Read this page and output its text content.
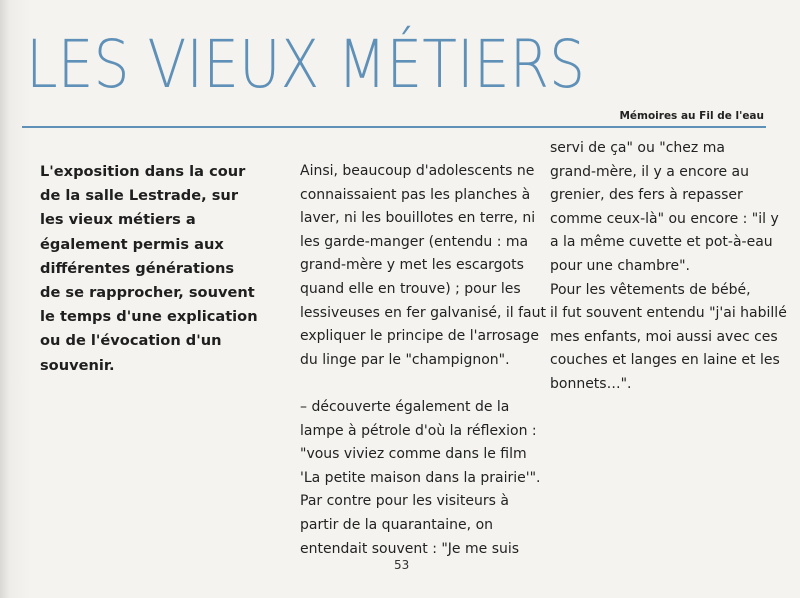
LES VIEUX MÉTIERS
Mémoires au Fil de l'eau
L'exposition dans la cour
de la salle Lestrade, sur
les vieux métiers a
également permis aux
différentes générations
de se rapprocher, souvent
le temps d'une explication
ou de l'évocation d'un
souvenir.
Ainsi, beaucoup d'adolescents ne
connaissaient pas les planches à
laver, ni les bouillotes en terre, ni
les garde-manger (entendu : ma
grand-mère y met les escargots
quand elle en trouve) ; pour les
lessiveuses en fer galvanisé, il faut
expliquer le principe de l'arrosage
du linge par le "champignon".
– découverte également de la
lampe à pétrole d'où la réflexion :
"vous viviez comme dans le film
'La petite maison dans la prairie'".
Par contre pour les visiteurs à
partir de la quarantaine, on
entendait souvent : "Je me suis
servi de ça" ou "chez ma
grand-mère, il y a encore au
grenier, des fers à repasser
comme ceux-là" ou encore : "il y
a la même cuvette et pot-à-eau
pour une chambre".
Pour les vêtements de bébé,
il fut souvent entendu "j'ai habillé
mes enfants, moi aussi avec ces
couches et langes en laine et les
bonnets…".
53
